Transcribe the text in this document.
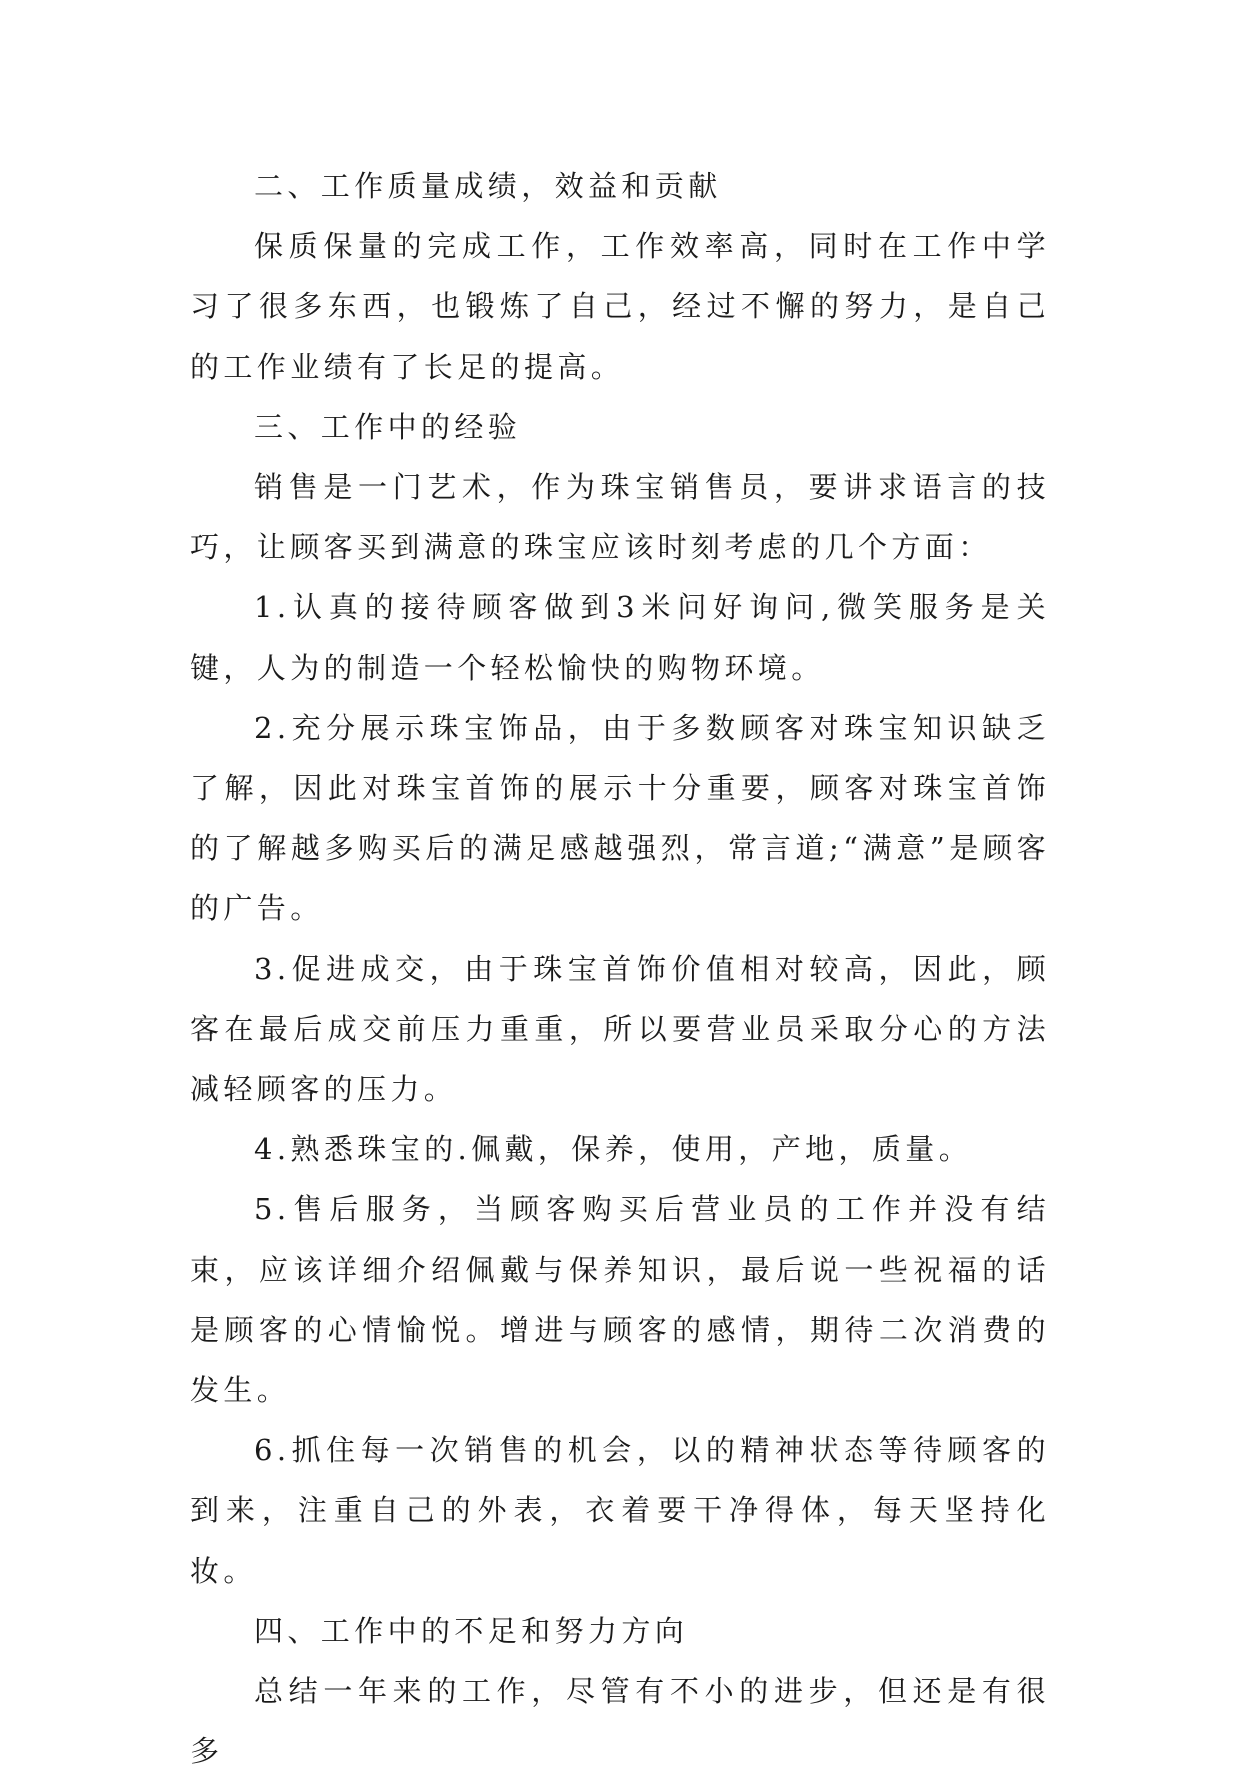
二、工作质量成绩，效益和贡献

保质保量的完成工作，工作效率高，同时在工作中学习了很多东西，也锻炼了自己，经过不懈的努力，是自己的工作业绩有了长足的提高。

三、工作中的经验

销售是一门艺术，作为珠宝销售员，要讲求语言的技巧，让顾客买到满意的珠宝应该时刻考虑的几个方面：

1.认真的接待顾客做到3米问好询问,微笑服务是关键，人为的制造一个轻松愉快的购物环境。

2.充分展示珠宝饰品，由于多数顾客对珠宝知识缺乏了解，因此对珠宝首饰的展示十分重要，顾客对珠宝首饰的了解越多购买后的满足感越强烈，常言道;“满意”是顾客的广告。

3.促进成交，由于珠宝首饰价值相对较高，因此，顾客在最后成交前压力重重，所以要营业员采取分心的方法减轻顾客的压力。

4.熟悉珠宝的.佩戴，保养，使用，产地，质量。

5.售后服务，当顾客购买后营业员的工作并没有结束，应该详细介绍佩戴与保养知识，最后说一些祝福的话是顾客的心情愉悦。增进与顾客的感情，期待二次消费的发生。

6.抓住每一次销售的机会，以的精神状态等待顾客的到来，注重自己的外表，衣着要干净得体，每天坚持化妆。

四、工作中的不足和努力方向

总结一年来的工作，尽管有不小的进步，但还是有很多
